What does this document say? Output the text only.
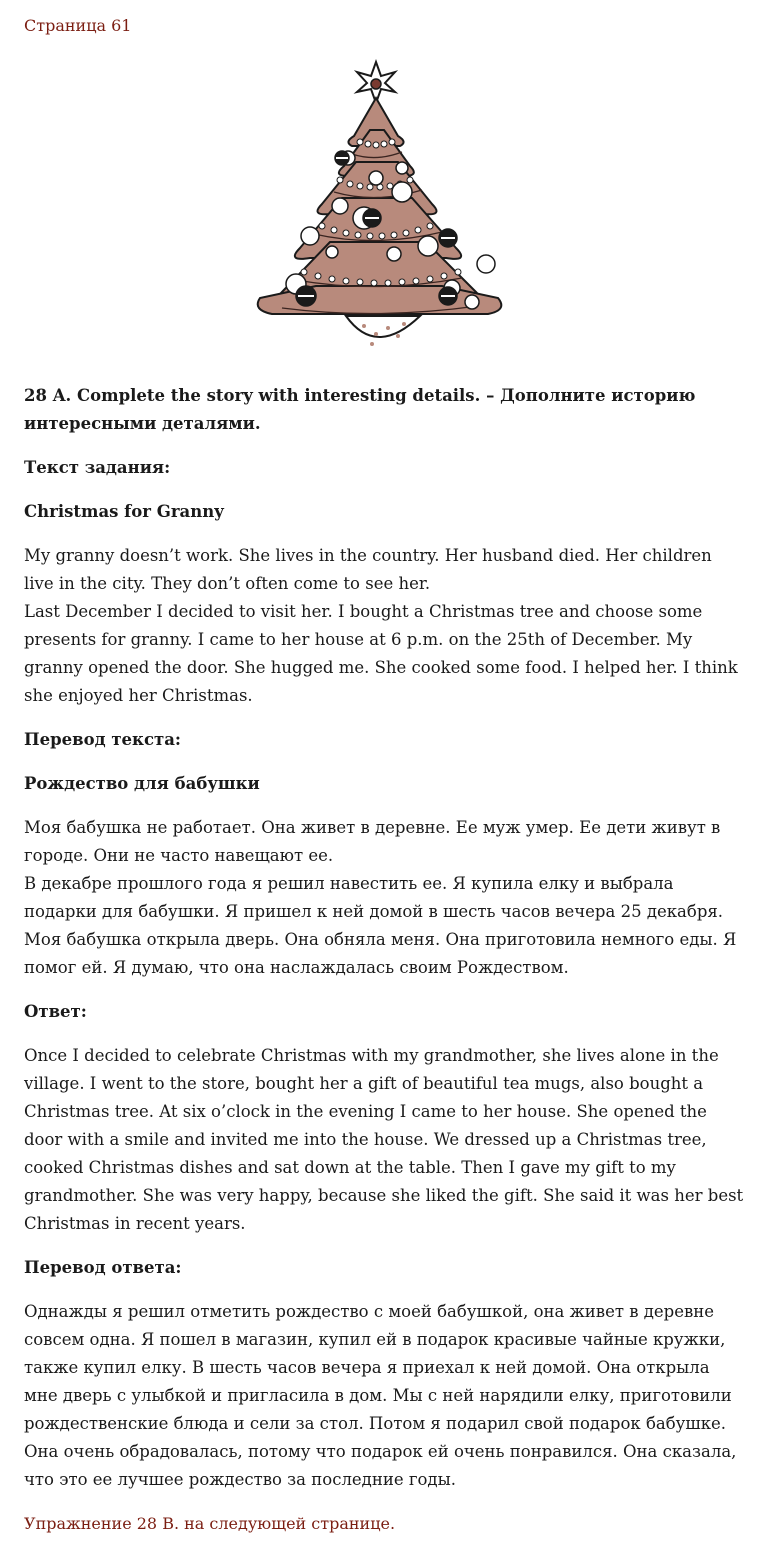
Страница 61

28 A. Complete the story with interesting details. – Дополните историю интересными деталями.

Текст задания:

Christmas for Granny

My granny doesn’t work. She lives in the country. Her husband died. Her children live in the city. They don’t often come to see her.
Last December I decided to visit her. I bought a Christmas tree and choose some presents for granny. I came to her house at 6 p.m. on the 25th of December. My granny opened the door. She hugged me. She cooked some food. I helped her. I think she enjoyed her Christmas.

Перевод текста:

Рождество для бабушки

Моя бабушка не работает. Она живет в деревне. Ее муж умер. Ее дети живут в городе. Они не часто навещают ее.
В декабре прошлого года я решил навестить ее. Я купила елку и выбрала подарки для бабушки. Я пришел к ней домой в шесть часов вечера 25 декабря. Моя бабушка открыла дверь. Она обняла меня. Она приготовила немного еды. Я помог ей. Я думаю, что она наслаждалась своим Рождеством.

Ответ:

Once I decided to celebrate Christmas with my grandmother, she lives alone in the village. I went to the store, bought her a gift of beautiful tea mugs, also bought a Christmas tree. At six o’clock in the evening I came to her house. She opened the door with a smile and invited me into the house. We dressed up a Christmas tree, cooked Christmas dishes and sat down at the table. Then I gave my gift to my grandmother. She was very happy, because she liked the gift. She said it was her best Christmas in recent years.

Перевод ответа:

Однажды я решил отметить рождество с моей бабушкой, она живет в деревне совсем одна. Я пошел в магазин, купил ей в подарок красивые чайные кружки, также купил елку. В шесть часов вечера я приехал к ней домой. Она открыла мне дверь с улыбкой и пригласила в дом. Мы с ней нарядили елку, приготовили рождественские блюда и сели за стол. Потом я подарил свой подарок бабушке. Она очень обрадовалась, потому что подарок ей очень понравился. Она сказала, что это ее лучшее рождество за последние годы.

Упражнение 28 B. на следующей странице.
